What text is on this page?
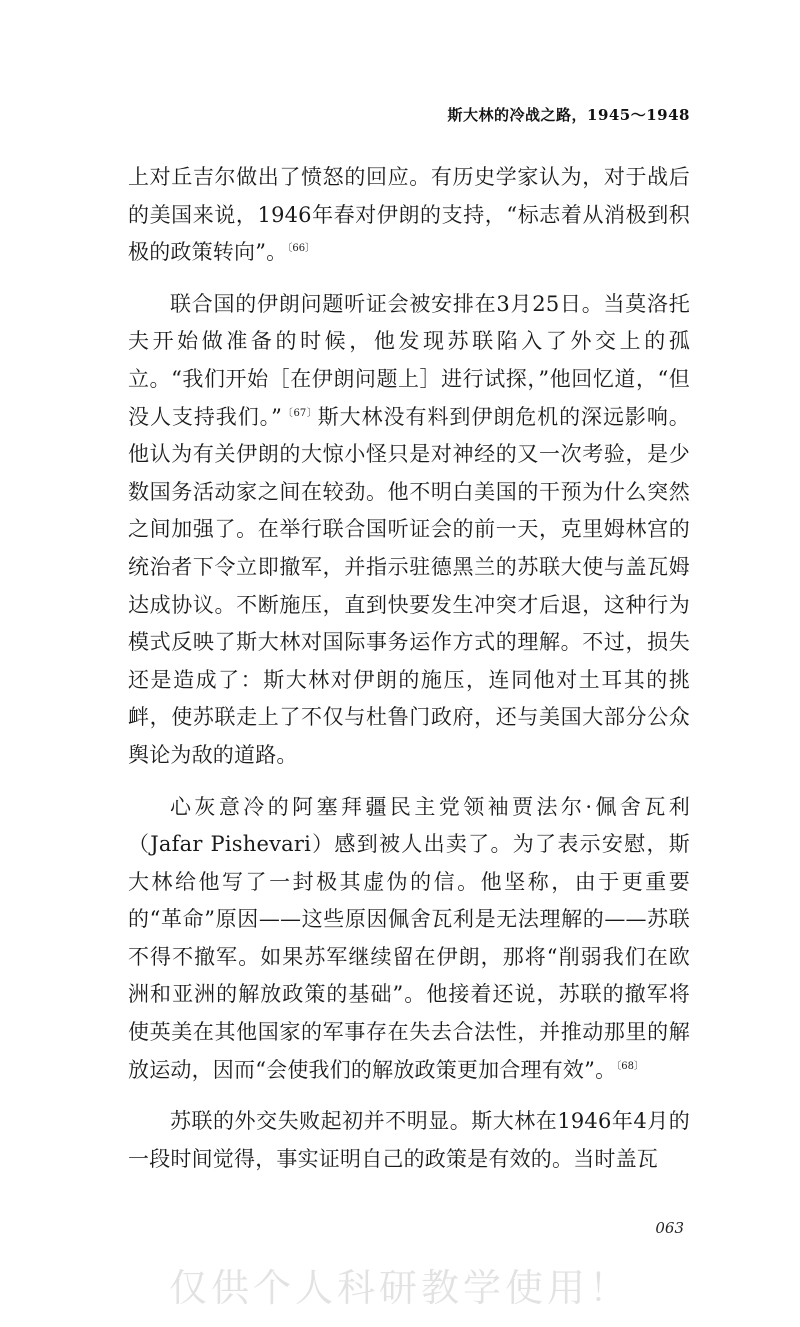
斯大林的冷战之路，1945～1948

上对丘吉尔做出了愤怒的回应。有历史学家认为，对于战后的美国来说，1946年春对伊朗的支持，“标志着从消极到积极的政策转向”。$^{〔66〕}$

联合国的伊朗问题听证会被安排在3月25日。当莫洛托夫开始做准备的时候，他发现苏联陷入了外交上的孤立。“我们开始［在伊朗问题上］进行试探，”他回忆道，“但没人支持我们。”$^{〔67〕}$斯大林没有料到伊朗危机的深远影响。他认为有关伊朗的大惊小怪只是对神经的又一次考验，是少数国务活动家之间在较劲。他不明白美国的干预为什么突然之间加强了。在举行联合国听证会的前一天，克里姆林宫的统治者下令立即撤军，并指示驻德黑兰的苏联大使与盖瓦姆达成协议。不断施压，直到快要发生冲突才后退，这种行为模式反映了斯大林对国际事务运作方式的理解。不过，损失还是造成了：斯大林对伊朗的施压，连同他对土耳其的挑衅，使苏联走上了不仅与杜鲁门政府，还与美国大部分公众舆论为敌的道路。

心灰意冷的阿塞拜疆民主党领袖贾法尔·佩舍瓦利（Jafar Pishevari）感到被人出卖了。为了表示安慰，斯大林给他写了一封极其虚伪的信。他坚称，由于更重要的“革命”原因——这些原因佩舍瓦利是无法理解的——苏联不得不撤军。如果苏军继续留在伊朗，那将“削弱我们在欧洲和亚洲的解放政策的基础”。他接着还说，苏联的撤军将使英美在其他国家的军事存在失去合法性，并推动那里的解放运动，因而“会使我们的解放政策更加合理有效”。$^{〔68〕}$

苏联的外交失败起初并不明显。斯大林在1946年4月的一段时间觉得，事实证明自己的政策是有效的。当时盖瓦

063
仅供个人科研教学使用！
